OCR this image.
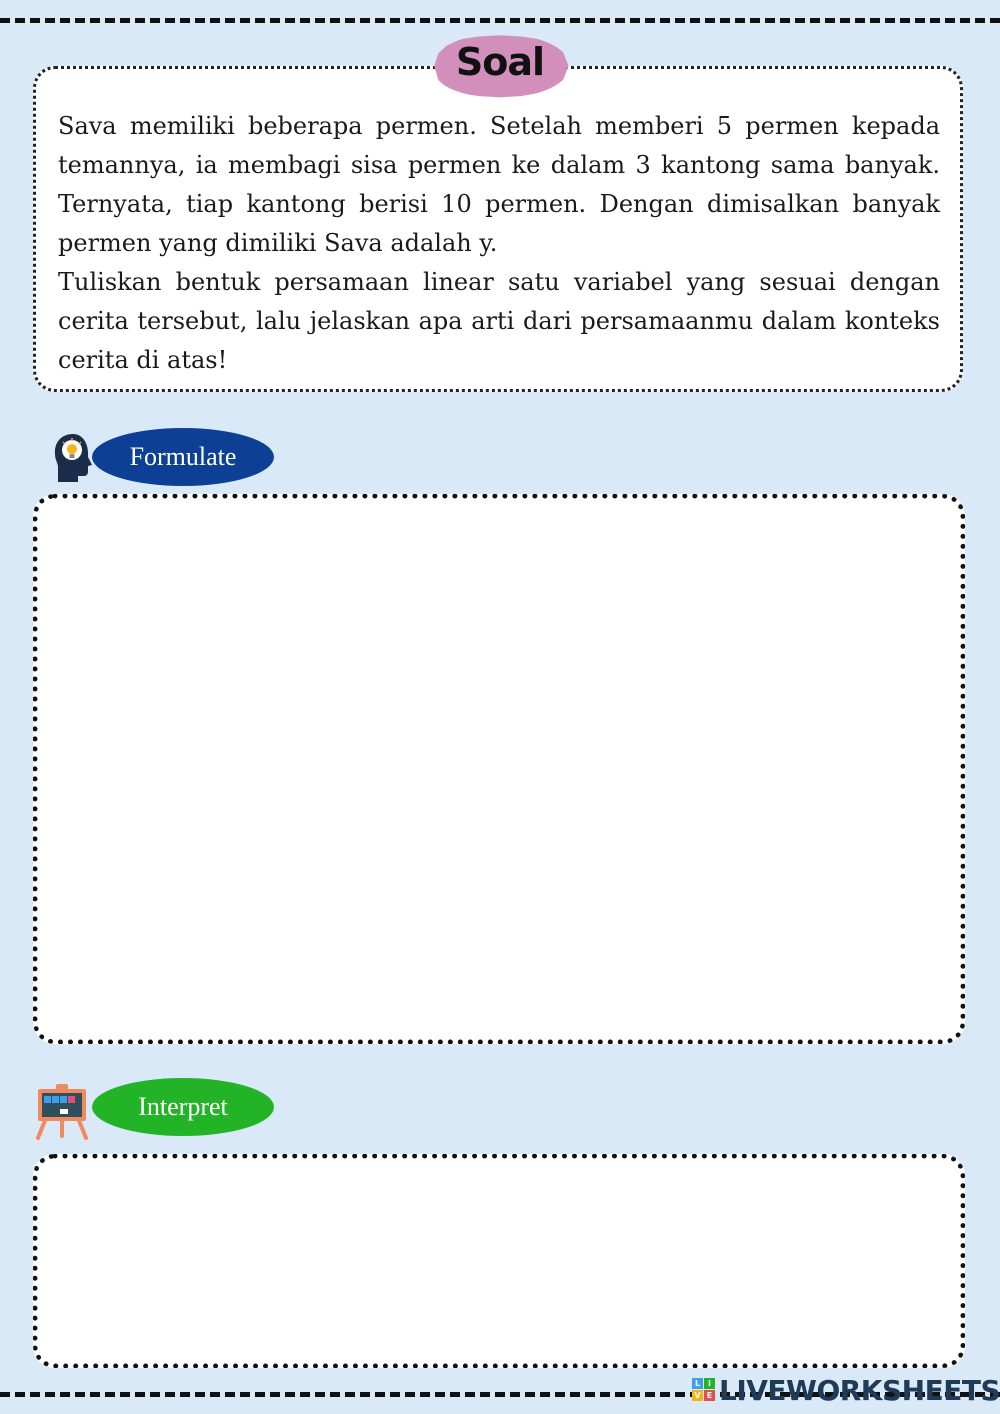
Sava memiliki beberapa permen. Setelah memberi 5 permen kepada temannya, ia membagi sisa permen ke dalam 3 kantong sama banyak. Ternyata, tiap kantong berisi 10 permen. Dengan dimisalkan banyak permen yang dimiliki Sava adalah y.

Tuliskan bentuk persamaan linear satu variabel yang sesuai dengan cerita tersebut, lalu jelaskan apa arti dari persamaanmu dalam konteks cerita di atas!

Soal
Formulate
Interpret
L I
V E LIVEWORKSHEETS
